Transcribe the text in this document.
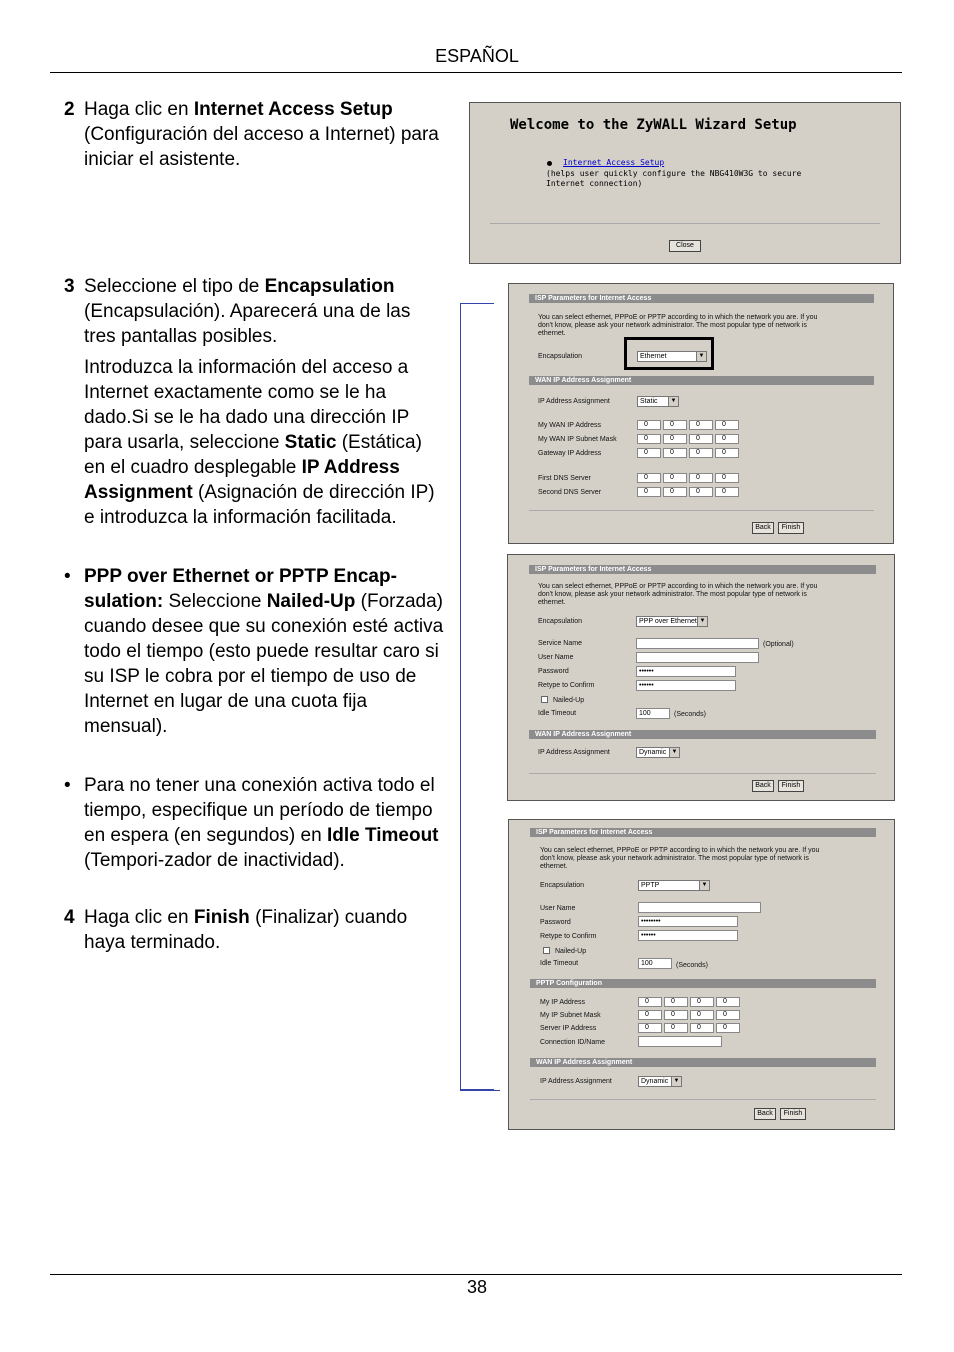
ESPAÑOL
38
2 Haga clic en Internet Access Setup (Configuración del acceso a Internet) para iniciar el asistente.
3 Seleccione el tipo de Encapsulation (Encapsulación). Aparecerá una de las tres pantallas posibles.
Introduzca la información del acceso a Internet exactamente como se le ha dado.Si se le ha dado una dirección IP para usarla, seleccione Static (Estática) en el cuadro desplegable IP Address Assignment (Asignación de dirección IP) e introduzca la información facilitada.
• PPP over Ethernet or PPTP Encap-sulation: Seleccione Nailed-Up (Forzada) cuando desee que su conexión esté activa todo el tiempo (esto puede resultar caro si su ISP le cobra por el tiempo de uso de Internet en lugar de una cuota fija mensual).
• Para no tener una conexión activa todo el tiempo, especifique un período de tiempo en espera (en segundos) en Idle Timeout (Tempori-zador de inactividad).
4 Haga clic en Finish (Finalizar) cuando haya terminado.
Welcome to the ZyWALL Wizard Setup
Internet Access Setup
(helps user quickly configure the NBG410W3G to secure
Internet connection)
Close
ISP Parameters for Internet Access
You can select ethernet, PPPoE or PPTP according to in which the network you are. If you
don't know, please ask your network administrator. The most popular type of network is
ethernet.
Encapsulation	Ethernet	▼
WAN IP Address Assignment
IP Address Assignment	Static	▼
My WAN IP Address	0	0	0	0
My WAN IP Subnet Mask	0	0	0	0
Gateway IP Address	0	0	0	0
First DNS Server	0	0	0	0
Second DNS Server	0	0	0	0
Back	Finish
ISP Parameters for Internet Access
You can select ethernet, PPPoE or PPTP according to in which the network you are. If you
don't know, please ask your network administrator. The most popular type of network is
ethernet.
Encapsulation	PPP over Ethernet ▼
Service Name	(Optional)
User Name
Password	••••••
Retype to Confirm	••••••
Nailed-Up
Idle Timeout	100	(Seconds)
WAN IP Address Assignment
IP Address Assignment	Dynamic ▼
Back	Finish
ISP Parameters for Internet Access
You can select ethernet, PPPoE or PPTP according to in which the network you are. If you
don't know, please ask your network administrator. The most popular type of network is
ethernet.
Encapsulation	PPTP	▼
User Name
Password	••••••••
Retype to Confirm	••••••
Nailed-Up
Idle Timeout	100	(Seconds)
PPTP Configuration
My IP Address	0	0	0	0
My IP Subnet Mask	0	0	0	0
Server IP Address	0	0	0	0
Connection ID/Name
WAN IP Address Assignment
IP Address Assignment	Dynamic ▼
Back	Finish
